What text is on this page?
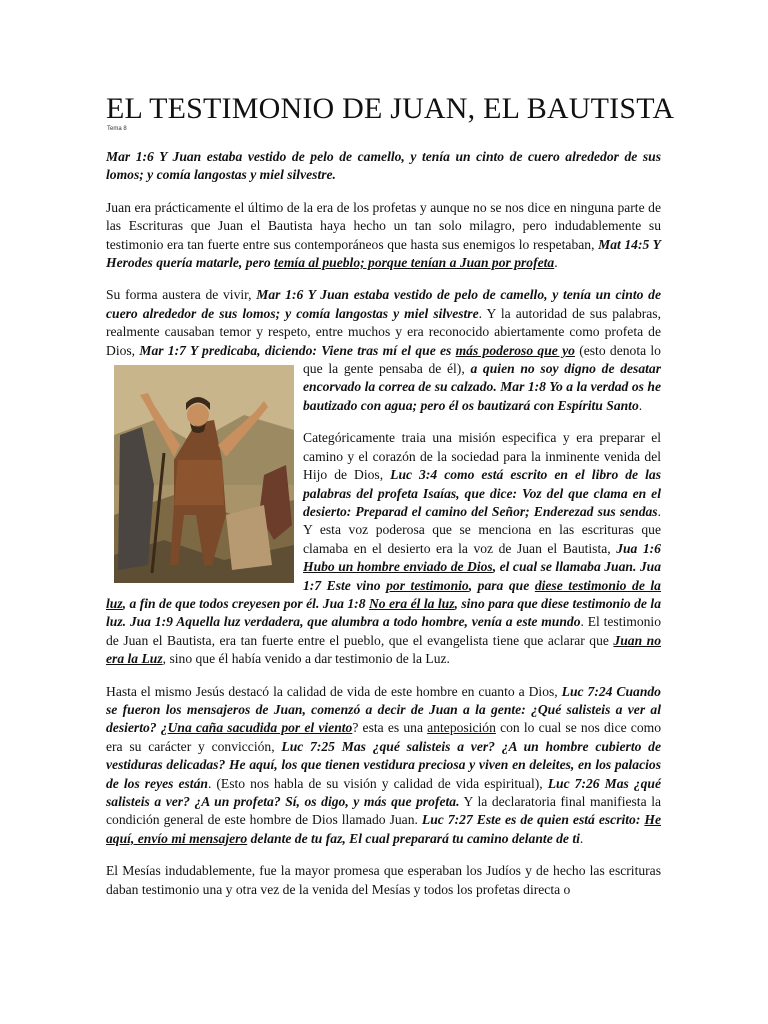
EL TESTIMONIO DE JUAN, EL BAUTISTA
Tema 8

Mar 1:6 Y Juan estaba vestido de pelo de camello, y tenía un cinto de cuero alrededor de sus lomos; y comía langostas y miel silvestre.

Juan era prácticamente el último de la era de los profetas y aunque no se nos dice en ninguna parte de las Escrituras que Juan el Bautista haya hecho un tan solo milagro, pero indudablemente su testimonio era tan fuerte entre sus contemporáneos que hasta sus enemigos lo respetaban, Mat 14:5 Y Herodes quería matarle, pero temía al pueblo; porque tenían a Juan por profeta.

Su forma austera de vivir, Mar 1:6 Y Juan estaba vestido de pelo de camello, y tenía un cinto de cuero alrededor de sus lomos; y comía langostas y miel silvestre. Y la autoridad de sus palabras, realmente causaban temor y respeto, entre muchos y era reconocido abiertamente como profeta de Dios, Mar 1:7 Y predicaba, diciendo: Viene tras mí el que es más poderoso que yo (esto denota lo que la gente pensaba de él),
a quien no soy digno de desatar encorvado la correa de su calzado. Mar 1:8 Yo a la verdad os he bautizado con agua; pero él os bautizará con Espíritu Santo.

Categóricamente traia una misión especifica y era preparar el camino y el corazón de la sociedad para la inminente venida del Hijo de Dios, Luc 3:4 como está escrito en el libro de las palabras del profeta Isaías, que dice: Voz del que clama en el desierto: Preparad el camino del Señor; Enderezad sus sendas. Y esta voz poderosa que se menciona en las escrituras que clamaba en el desierto era la voz de Juan el Bautista, Jua 1:6 Hubo un hombre enviado de Dios, el cual se llamaba Juan. Jua 1:7 Este vino por testimonio, para que diese testimonio de la luz, a fin de que todos creyesen por él. Jua 1:8 No era él la luz, sino para que diese testimonio de la luz. Jua 1:9 Aquella luz verdadera, que alumbra a todo hombre, venía a este mundo. El testimonio de Juan el Bautista, era tan fuerte entre el pueblo, que el evangelista tiene que aclarar que Juan no era la Luz, sino que él había venido a dar testimonio de la Luz.

Hasta el mismo Jesús destacó la calidad de vida de este hombre en cuanto a Dios, Luc 7:24 Cuando se fueron los mensajeros de Juan, comenzó a decir de Juan a la gente: ¿Qué salisteis a ver al desierto? ¿Una caña sacudida por el viento? esta es una anteposición con lo cual se nos dice como era su carácter y convicción, Luc 7:25 Mas ¿qué salisteis a ver? ¿A un hombre cubierto de vestiduras delicadas? He aquí, los que tienen vestidura preciosa y viven en deleites, en los palacios de los reyes están. (Esto nos habla de su visión y calidad de vida espiritual), Luc 7:26 Mas ¿qué salisteis a ver? ¿A un profeta? Sí, os digo, y más que profeta. Y la declaratoria final manifiesta la condición general de este hombre de Dios llamado Juan. Luc 7:27 Este es de quien está escrito: He aquí, envío mi mensajero delante de tu faz, El cual preparará tu camino delante de ti.

El Mesías indudablemente, fue la mayor promesa que esperaban los Judíos y de hecho las escrituras daban testimonio una y otra vez de la venida del Mesías y todos los profetas directa o
